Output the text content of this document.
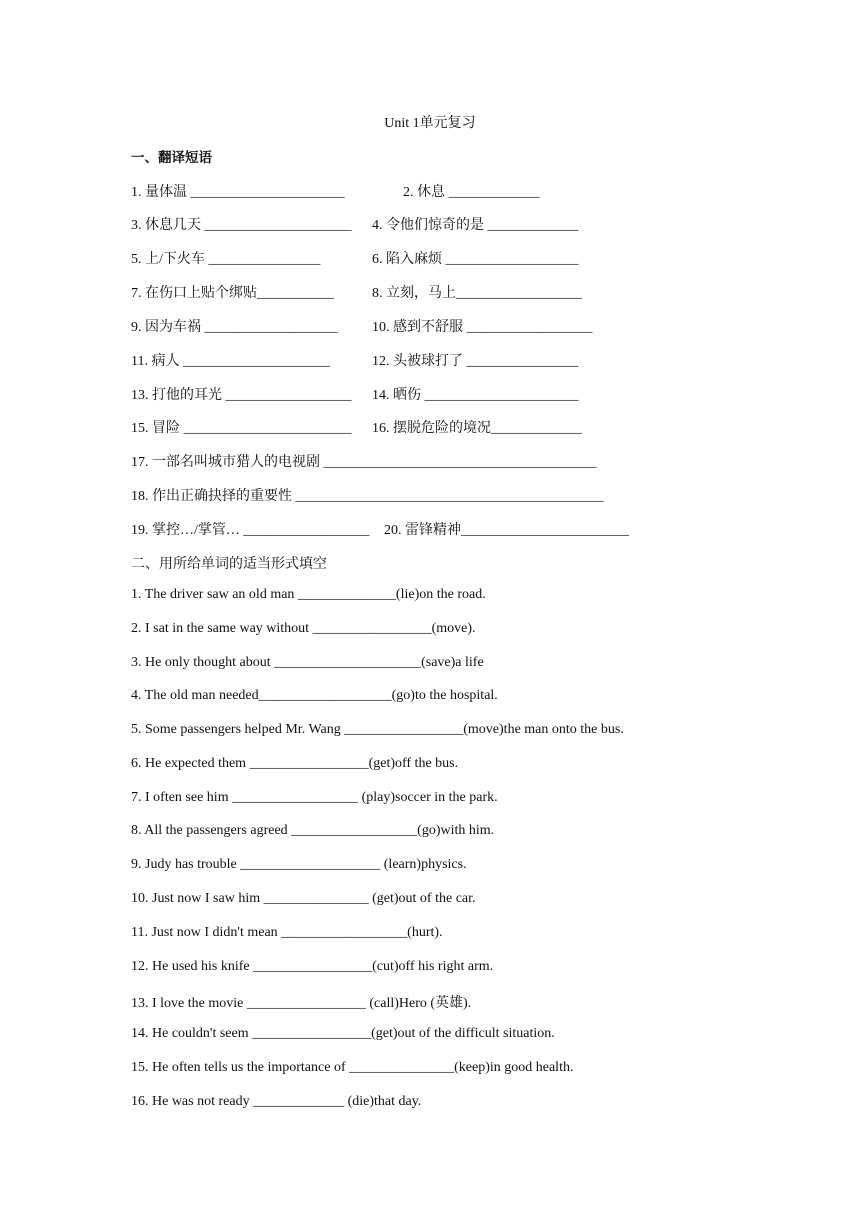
Unit 1单元复习
一、翻译短语
1. 量体温 ______________________	2. 休息 _____________
3. 休息几天 _____________________ 4. 令他们惊奇的是 _____________
5. 上/下火车 ________________	6. 陷入麻烦 ___________________
7. 在伤口上贴个绑贴___________	8. 立刻，马上__________________
9. 因为车祸 ___________________ 10. 感到不舒服 __________________
11. 病人 _____________________	12. 头被球打了 ________________
13. 打他的耳光 __________________ 14. 晒伤 ______________________
15. 冒险 ________________________ 16. 摆脱危险的境况_____________
17. 一部名叫城市猎人的电视剧 _______________________________________
18. 作出正确抉择的重要性 ____________________________________________
19. 掌控…/掌管… __________________ 20. 雷锋精神________________________
二、用所给单词的适当形式填空
1. The driver saw an old man ______________(lie)on the road.
2. I sat in the same way without _________________(move).
3. He only thought about _____________________(save)a life
4. The old man needed___________________(go)to the hospital.
5. Some passengers helped Mr. Wang _________________(move)the man onto the bus.
6. He expected them _________________(get)off the bus.
7. I often see him __________________ (play)soccer in the park.
8. All the passengers agreed __________________(go)with him.
9. Judy has trouble ____________________ (learn)physics.
10. Just now I saw him _______________ (get)out of the car.
11. Just now I didn't mean __________________(hurt).
12. He used his knife _________________(cut)off his right arm.
13. I love the movie _________________ (call)Hero (英雄).
14. He couldn't seem _________________(get)out of the difficult situation.
15. He often tells us the importance of _______________(keep)in good health.
16. He was not ready _____________ (die)that day.
